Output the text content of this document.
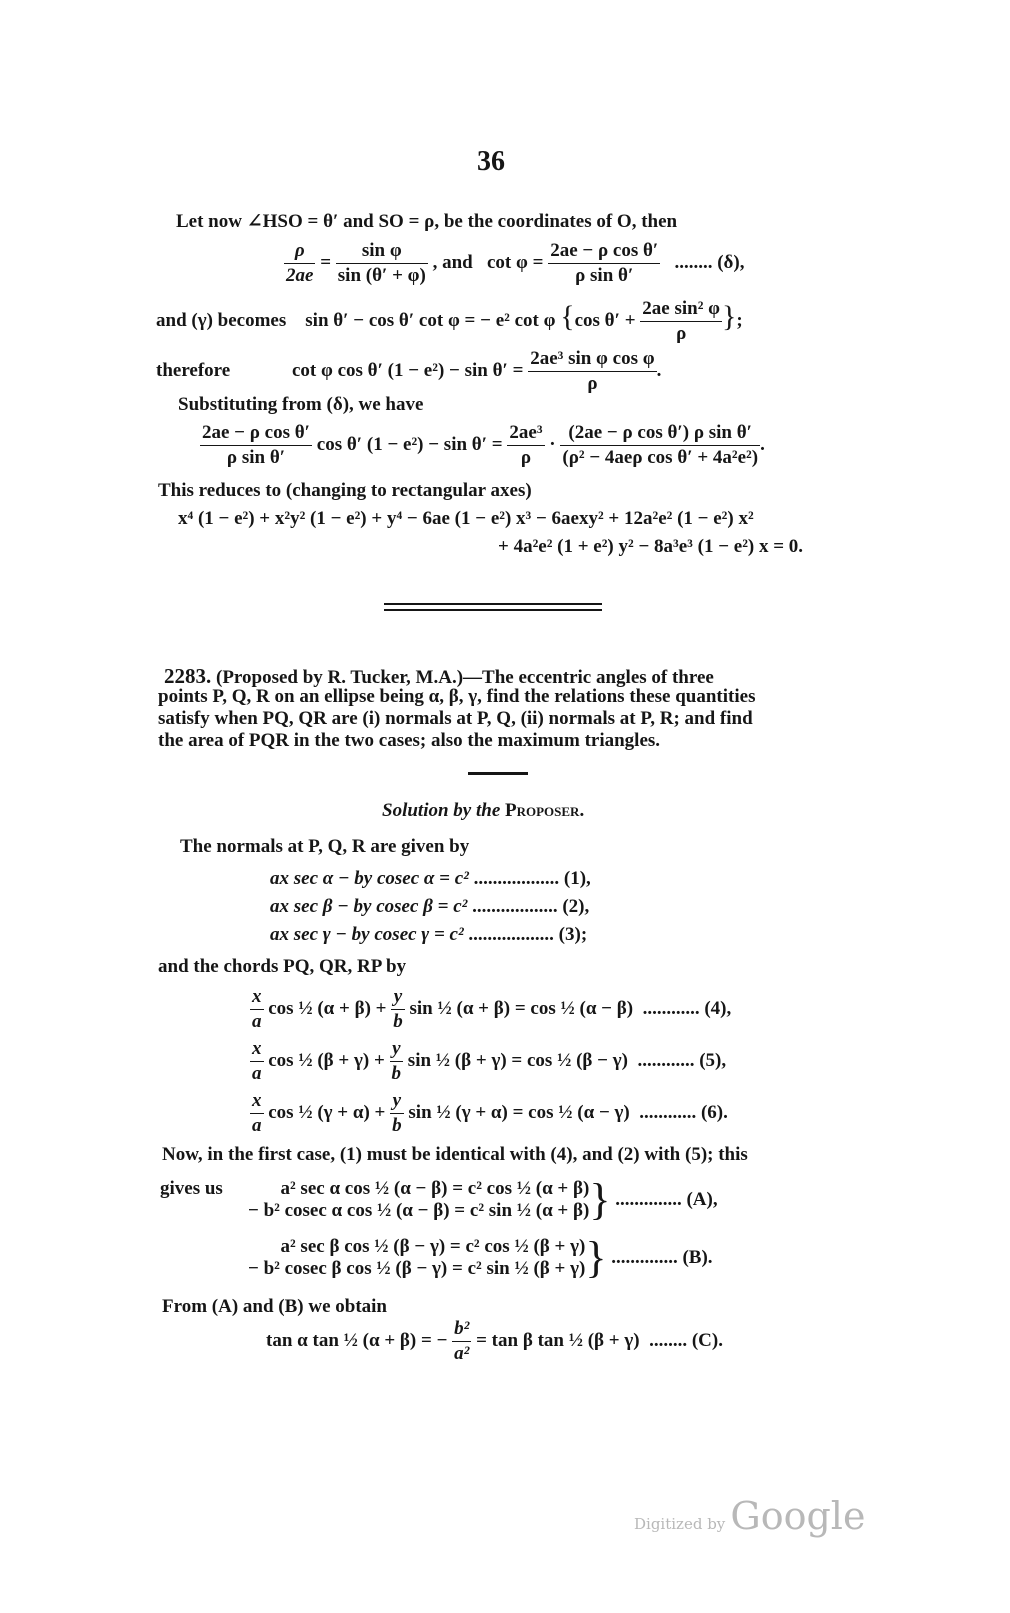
36
Let now ∠HSO = θ′ and SO = ρ, be the coordinates of O, then
$\frac{\rho}{2ae} = \frac{\text{sin φ}}{\sin (\theta' + \varphi)}$ , and $\cot \varphi = \frac{\text{2ae − ρ cos θ′}}{\text{ρ sin θ′}}$ ........ (δ),
and (γ) becomes sin θ′ − cos θ′ cot φ = − e² cot φ {cos $\theta' + \frac{\text{2ae sin² φ}}{\rho}$ };
therefore	cot φ cos θ′ $(1 - e^2) - \sin \theta' = \frac{\text{2ae³ sin φ cos φ}}{\rho}$ .
Substituting from (δ), we have
$\frac{\text{2ae − ρ cos θ′}}{\text{ρ sin θ′}}$ cos θ′ $(1 - e^2) - \sin \theta' = \frac{\text{2ae³}}{\rho} \cdot \frac{\text{(2ae − ρ cos θ′) ρ sin θ′}}{\text{(ρ² − 4aeρ cos θ′ + 4a²e²)}}$ .
This reduces to (changing to rectangular axes)
x⁴ (1 − e²) + x²y² (1 − e²) + y⁴ − 6ae (1 − e²) x³ − 6aexy² + 12a²e² (1 − e²) x²
+ 4a²e² (1 + e²) y² − 8a³e³ (1 − e²) x = 0.
2283. (Proposed by R. Tucker, M.A.)—The eccentric angles of three
points P, Q, R on an ellipse being α, β, γ, find the relations these quantities
satisfy when PQ, QR are (i) normals at P, Q, (ii) normals at P, R; and find
the area of PQR in the two cases; also the maximum triangles.
Solution by the Proposer.
The normals at P, Q, R are given by
ax sec α − by cosec α = c² .................. (1),
ax sec β − by cosec β = c² .................. (2),
ax sec γ − by cosec γ = c² .................. (3);
and the chords PQ, QR, RP by
$\frac{x}{a}$ cos ½ $(\alpha + \beta) + \frac{y}{b}$ sin ½ (α + β) = cos ½ (α − β) ............ (4),
$\frac{x}{a}$ cos ½ $(\beta + \gamma) + \frac{y}{b}$ sin ½ (β + γ) = cos ½ (β − γ) ............ (5),
$\frac{x}{a}$ cos ½ $(\gamma + \alpha) + \frac{y}{b}$ sin ½ (γ + α) = cos ½ (α − γ) ............ (6).
Now, in the first case, (1) must be identical with (4), and (2) with (5); this
gives us	a² sec α cos ½ (α − β) = c² cos ½ (α + β)
− b² cosec α cos ½ (α − β) = c² sin ½ (α + β) } .............. (A),
a² sec β cos ½ (β − γ) = c² cos ½ (β + γ)
− b² cosec β cos ½ (β − γ) = c² sin ½ (β + γ) } .............. (B).
From (A) and (B) we obtain
tan α tan ½ (α + β) = − $\frac{\text{b²}}{\text{a²}} = \tan \beta$ tan ½ (β + γ) ........ (C).
Digitized by Google
